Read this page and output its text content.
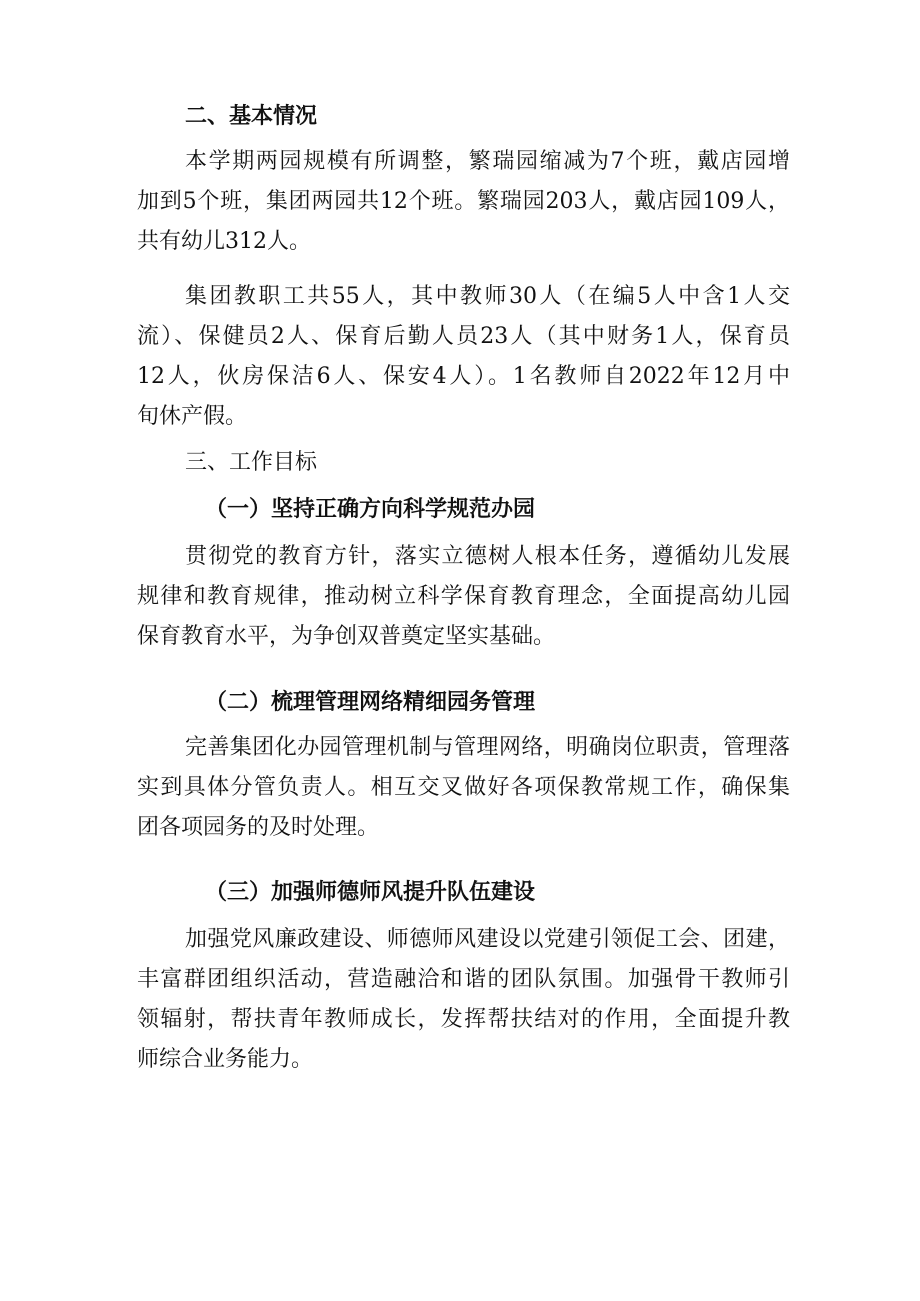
二、基本情况
本学期两园规模有所调整，繁瑞园缩减为7个班，戴店园增
加到5个班，集团两园共12个班。繁瑞园203人，戴店园109人，
共有幼儿312人。
集团教职工共55人，其中教师30人（在编5人中含1人交
流）、保健员2人、保育后勤人员23人（其中财务1人，保育员
12人，伙房保洁6人、保安4人）。1名教师自2022年12月中
旬休产假。
三、工作目标
（一）坚持正确方向科学规范办园
贯彻党的教育方针，落实立德树人根本任务，遵循幼儿发展
规律和教育规律，推动树立科学保育教育理念，全面提高幼儿园
保育教育水平，为争创双普奠定坚实基础。
（二）梳理管理网络精细园务管理
完善集团化办园管理机制与管理网络，明确岗位职责，管理落
实到具体分管负责人。相互交叉做好各项保教常规工作，确保集
团各项园务的及时处理。
（三）加强师德师风提升队伍建设
加强党风廉政建设、师德师风建设以党建引领促工会、团建，
丰富群团组织活动，营造融洽和谐的团队氛围。加强骨干教师引
领辐射，帮扶青年教师成长，发挥帮扶结对的作用，全面提升教
师综合业务能力。
